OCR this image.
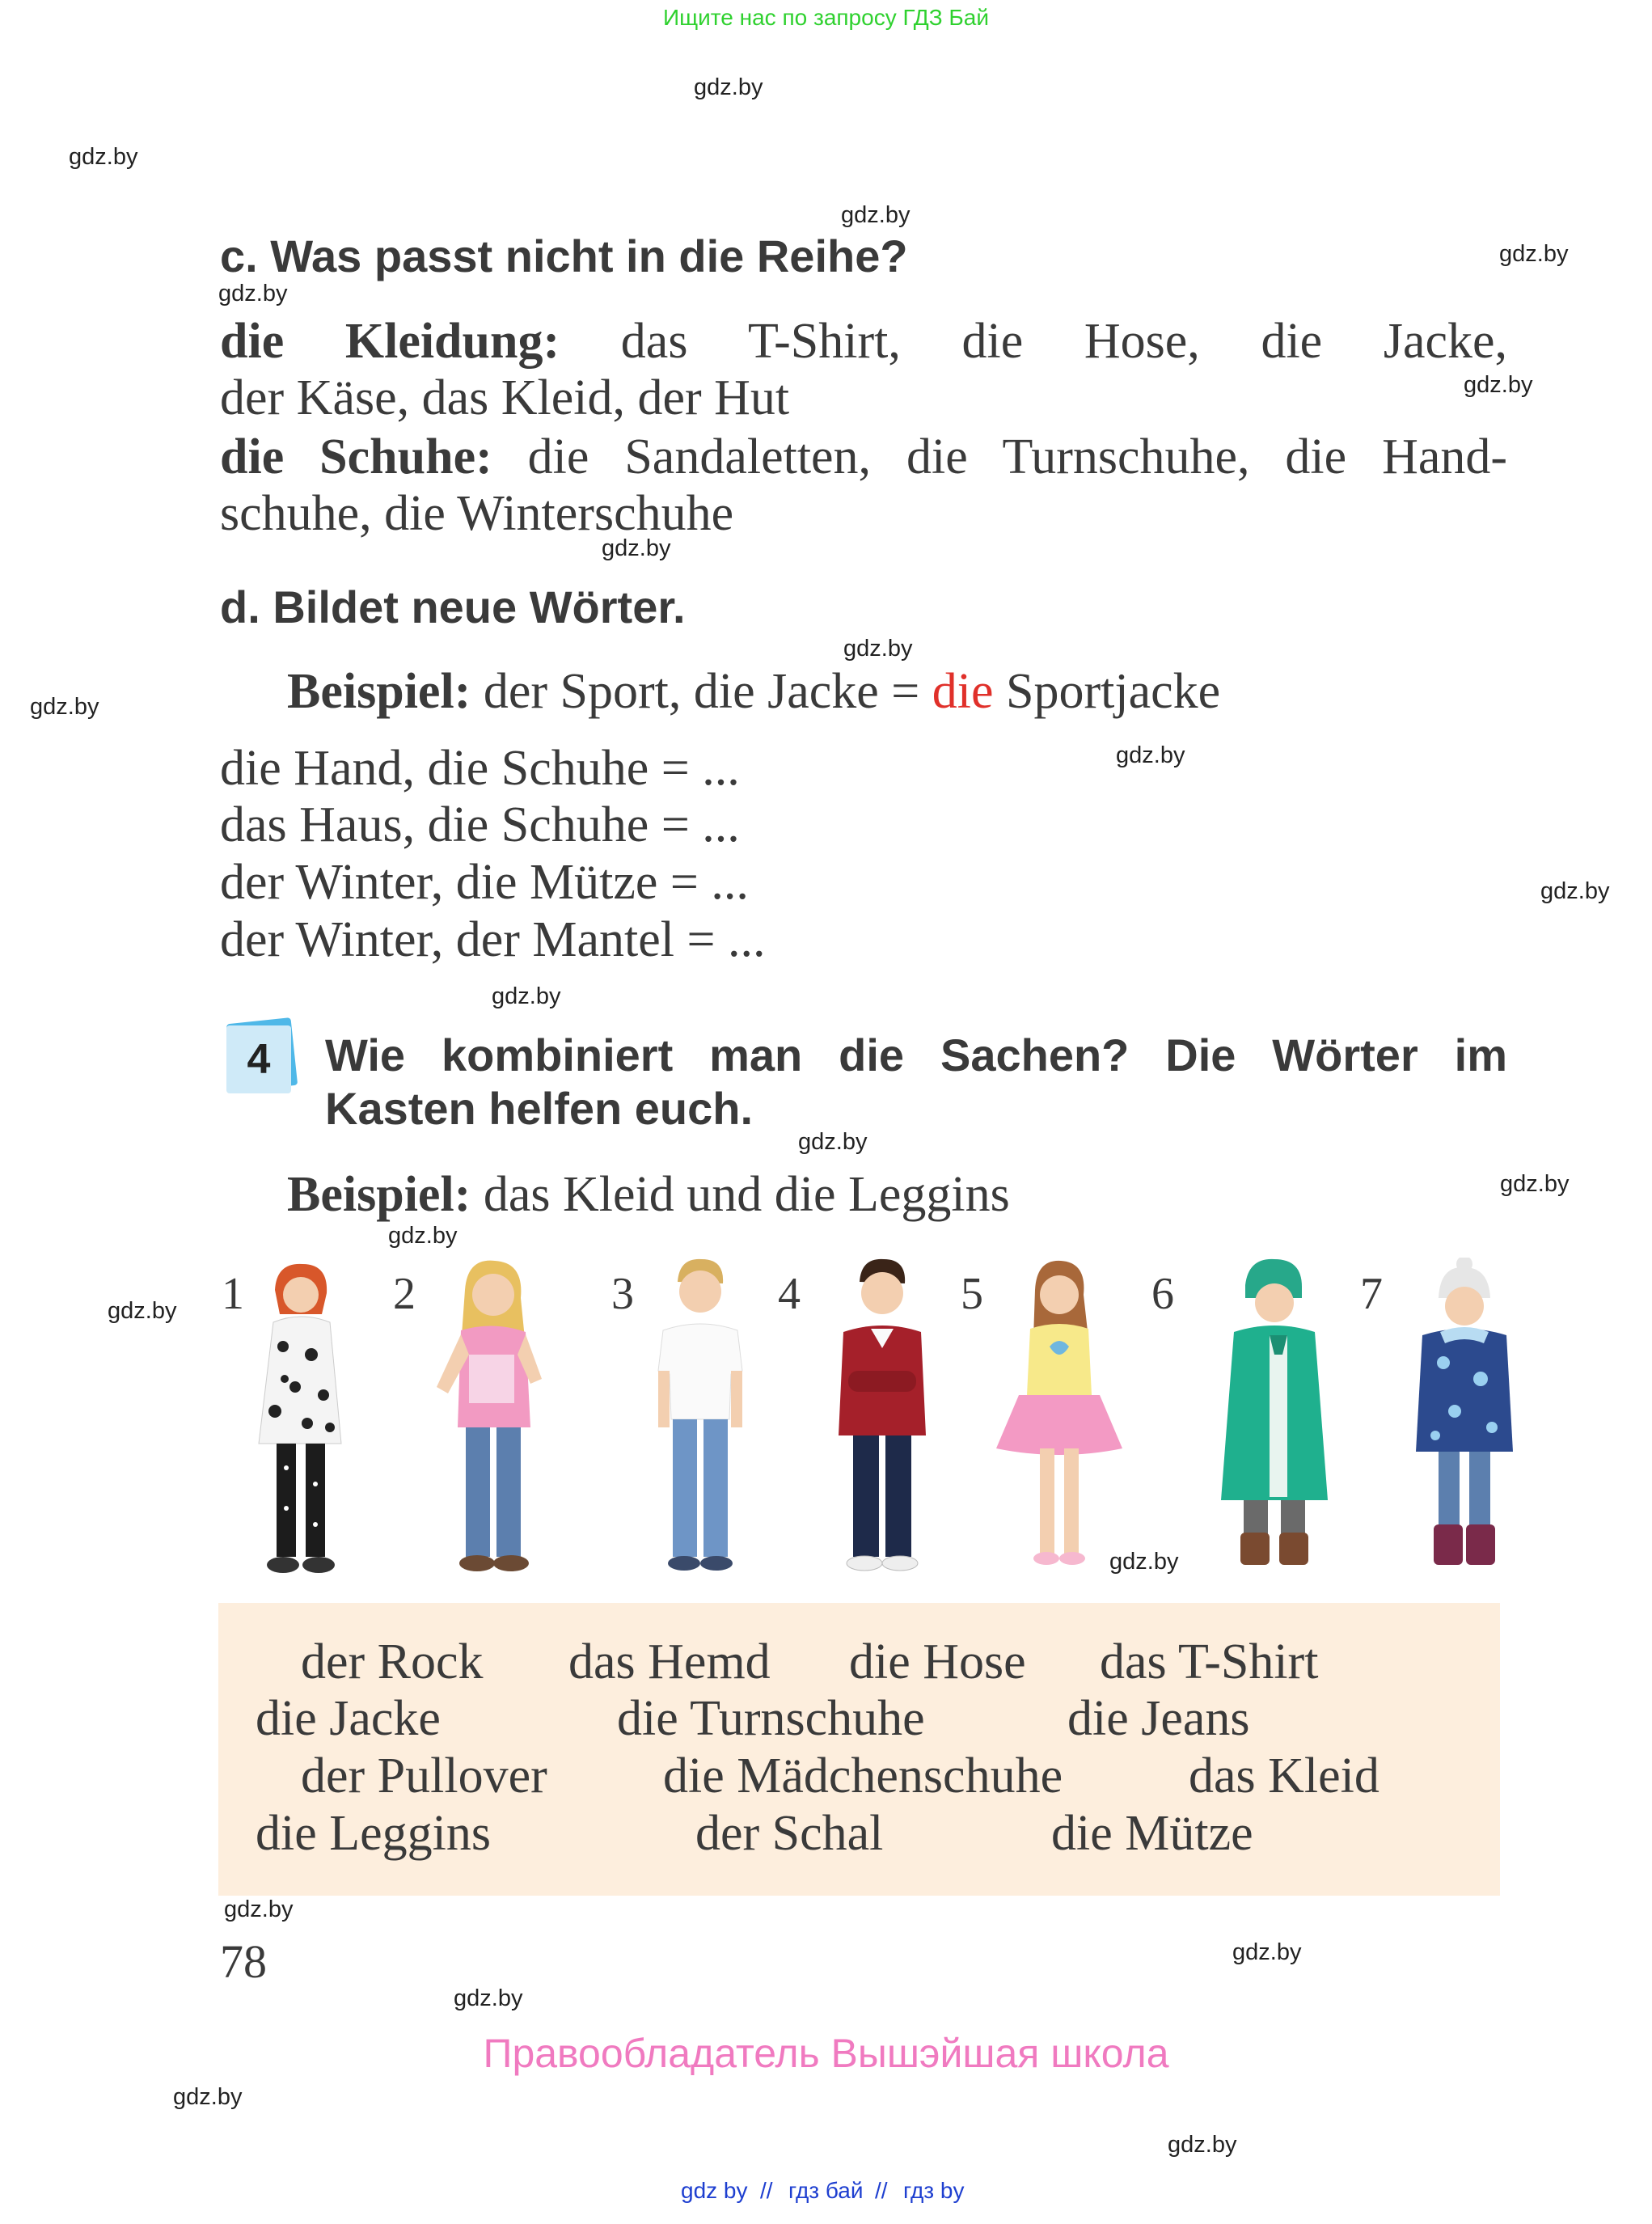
Ищите нас по запросу ГДЗ Бай
gdz.by
gdz.by
gdz.by
gdz.by
gdz.by
gdz.by
gdz.by
gdz.by
gdz.by
gdz.by
gdz.by
gdz.by
gdz.by
gdz.by
gdz.by
gdz.by
gdz.by
gdz.by
gdz.by
gdz.by
gdz.by
gdz.by
c. Was passt nicht in die Reihe?
die Kleidung: das T-Shirt, die Hose, die Jacke,
der Käse, das Kleid, der Hut
die Schuhe: die Sandaletten, die Turnschuhe, die Hand-
schuhe, die Winterschuhe
d. Bildet neue Wörter.
Beispiel: der Sport, die Jacke = die Sportjacke
die Hand, die Schuhe = ...
das Haus, die Schuhe = ...
der Winter, die Mütze = ...
der Winter, der Mantel = ...
4	Wie kombiniert man die Sachen? Die Wörter im
Kasten helfen euch.
Beispiel: das Kleid und die Leggins
1	2	3	4	5	6	7
der Rock das Hemd die Hose das T-Shirt
die Jacke	die Turnschuhe	die Jeans
der Pullover die Mädchenschuhe	das Kleid
die Leggins	der Schal	die Mütze
78
Правообладатель Вышэйшая школа
gdz by // гдз бай // гдз by
